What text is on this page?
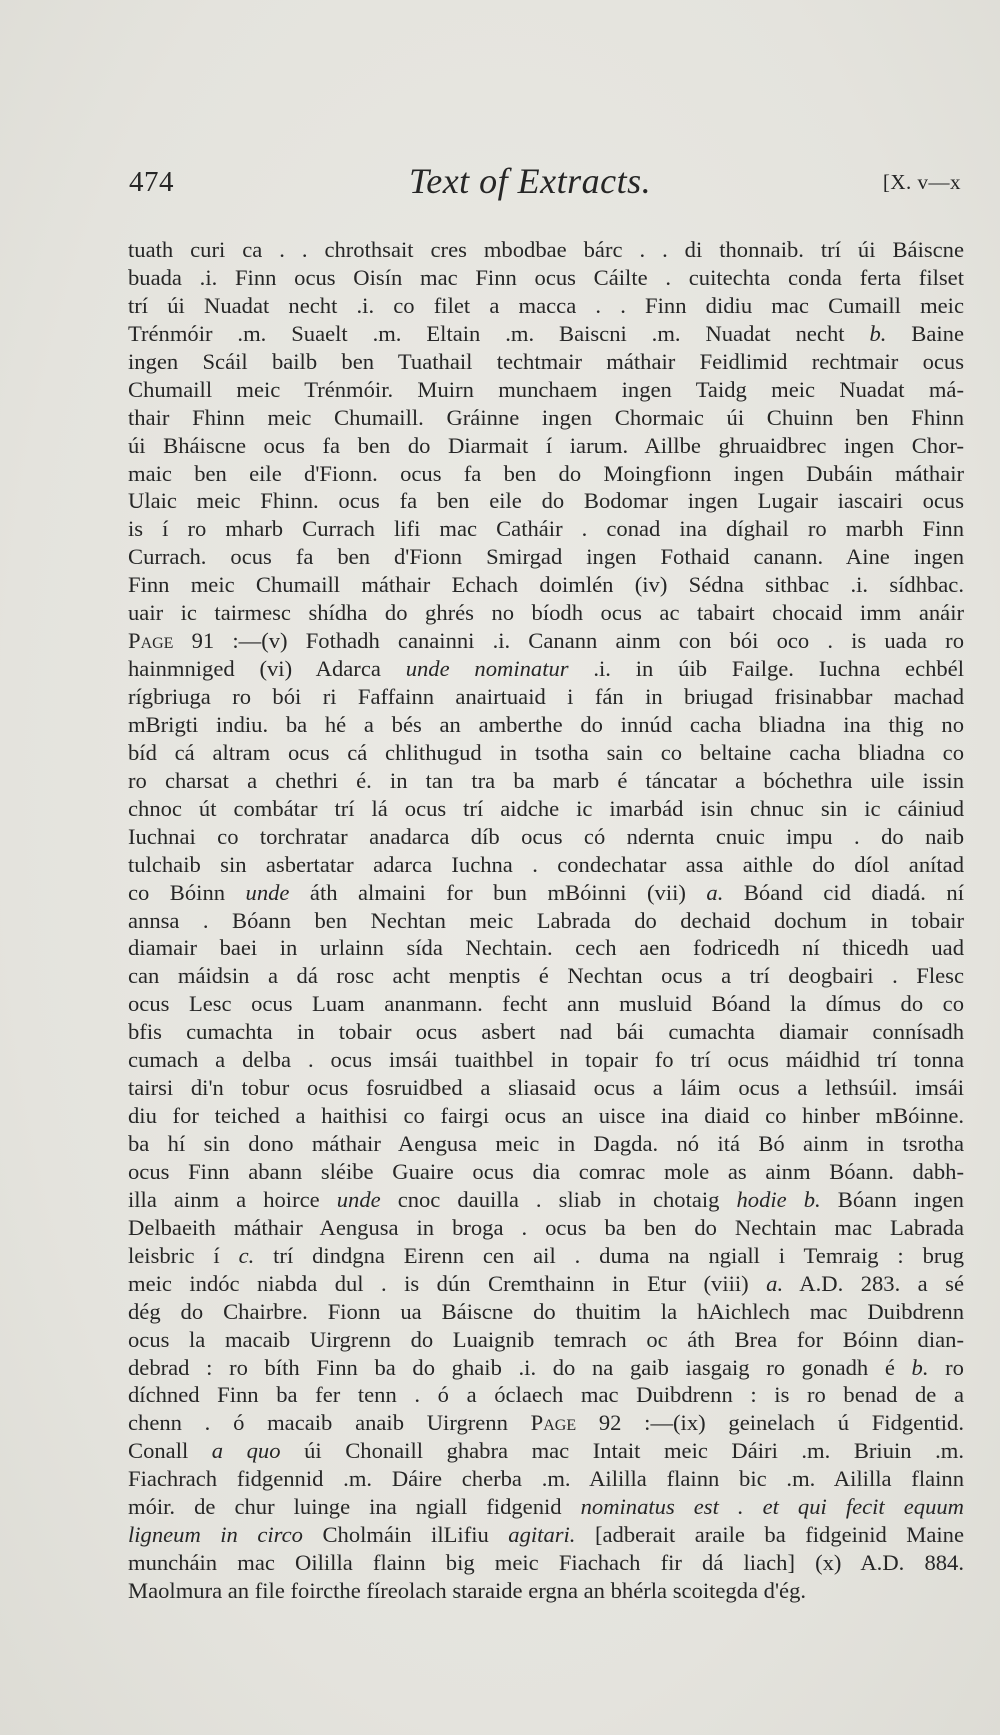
474	Text of Extracts.	[X. v—x
tuath curi ca . . chrothsait cres mbodbae bárc . . di thonnaib. trí úi Báiscne
buada .i. Finn ocus Oisín mac Finn ocus Cáilte . cuitechta conda ferta filset
trí úi Nuadat necht .i. co filet a macca . . Finn didiu mac Cumaill meic
Trénmóir .m. Suaelt .m. Eltain .m. Baiscni .m. Nuadat necht b. Baine
ingen Scáil bailb ben Tuathail techtmair máthair Feidlimid rechtmair ocus
Chumaill meic Trénmóir. Muirn munchaem ingen Taidg meic Nuadat má-
thair Fhinn meic Chumaill. Gráinne ingen Chormaic úi Chuinn ben Fhinn
úi Bháiscne ocus fa ben do Diarmait í iarum. Aillbe ghruaidbrec ingen Chor-
maic ben eile d'Fionn. ocus fa ben do Moingfionn ingen Dubáin máthair
Ulaic meic Fhinn. ocus fa ben eile do Bodomar ingen Lugair iascairi ocus
is í ro mharb Currach lifi mac Catháir . conad ina díghail ro marbh Finn
Currach. ocus fa ben d'Fionn Smirgad ingen Fothaid canann. Aine ingen
Finn meic Chumaill máthair Echach doimlén (iv) Sédna sithbac .i. sídhbac.
uair ic tairmesc shídha do ghrés no bíodh ocus ac tabairt chocaid imm anáir
Page 91 :—(v) Fothadh canainni .i. Canann ainm con bói oco . is uada ro
hainmniged (vi) Adarca unde nominatur .i. in úib Failge. Iuchna echbél
rígbriuga ro bói ri Faffainn anairtuaid i fán in briugad frisinabbar machad
mBrigti indiu. ba hé a bés an amberthe do innúd cacha bliadna ina thig no
bíd cá altram ocus cá chlithugud in tsotha sain co beltaine cacha bliadna co
ro charsat a chethri é. in tan tra ba marb é táncatar a bóchethra uile issin
chnoc út combátar trí lá ocus trí aidche ic imarbád isin chnuc sin ic cáiniud
Iuchnai co torchratar anadarca díb ocus có ndernta cnuic impu . do naib
tulchaib sin asbertatar adarca Iuchna . condechatar assa aithle do díol anítad
co Bóinn unde áth almaini for bun mBóinni (vii) a. Bóand cid diadá. ní
annsa . Bóann ben Nechtan meic Labrada do dechaid dochum in tobair
diamair baei in urlainn sída Nechtain. cech aen fodricedh ní thicedh uad
can máidsin a dá rosc acht menptis é Nechtan ocus a trí deogbairi . Flesc
ocus Lesc ocus Luam ananmann. fecht ann musluid Bóand la dímus do co
bfis cumachta in tobair ocus asbert nad bái cumachta diamair connísadh
cumach a delba . ocus imsái tuaithbel in topair fo trí ocus máidhid trí tonna
tairsi di'n tobur ocus fosruidbed a sliasaid ocus a láim ocus a lethsúil. imsái
diu for teiched a haithisi co fairgi ocus an uisce ina diaid co hinber mBóinne.
ba hí sin dono máthair Aengusa meic in Dagda. nó itá Bó ainm in tsrotha
ocus Finn abann sléibe Guaire ocus dia comrac mole as ainm Bóann. dabh-
illa ainm a hoirce unde cnoc dauilla . sliab in chotaig hodie b. Bóann ingen
Delbaeith máthair Aengusa in broga . ocus ba ben do Nechtain mac Labrada
leisbric í c. trí dindgna Eirenn cen ail . duma na ngiall i Temraig : brug
meic indóc niabda dul . is dún Cremthainn in Etur (viii) a. A.D. 283. a sé
dég do Chairbre. Fionn ua Báiscne do thuitim la hAichlech mac Duibdrenn
ocus la macaib Uirgrenn do Luaignib temrach oc áth Brea for Bóinn dian-
debrad : ro bíth Finn ba do ghaib .i. do na gaib iasgaig ro gonadh é b. ro
díchned Finn ba fer tenn . ó a óclaech mac Duibdrenn : is ro benad de a
chenn . ó macaib anaib Uirgrenn Page 92 :—(ix) geinelach ú Fidgentid.
Conall a quo úi Chonaill ghabra mac Intait meic Dáiri .m. Briuin .m.
Fiachrach fidgennid .m. Dáire cherba .m. Aililla flainn bic .m. Aililla flainn
móir. de chur luinge ina ngiall fidgenid nominatus est . et qui fecit equum
ligneum in circo Cholmáin ilLifiu agitari. [adberait araile ba fidgeinid Maine
muncháin mac Oililla flainn big meic Fiachach fir dá liach] (x) A.D. 884.
Maolmura an file foircthe fíreolach staraide ergna an bhérla scoitegda d'ég.
